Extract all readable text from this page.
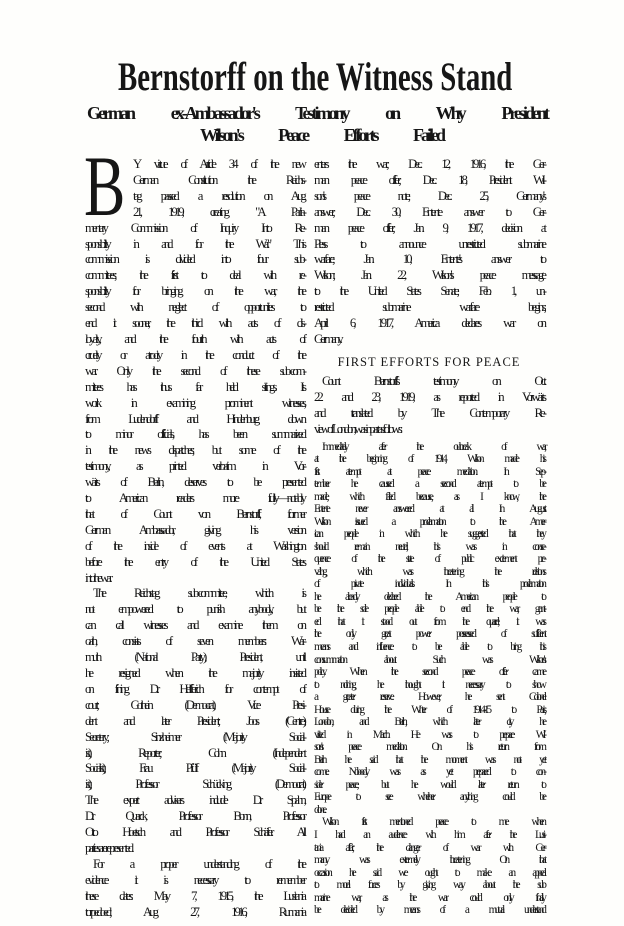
Bernstorff on the Witness Stand
German ex-Ambassador's Testimony on Why President
Wilson's Peace Efforts Failed
B Y virtue of Article 34 of the new
German Constitution the Reichs-
tag passed a resolution on Aug.
21, 1919, creating "A Parlia-
mentary Commission of Inquiry Into Re-
sponsibility in and for the War." This
commission is divided into four sub-
committees; the first to deal with re-
sponsibility for bringing on the war, the
second with neglect of opportunities to
end it sooner, the third with acts of dis-
loyalty, and the fourth with acts of
cruelty or atrocity in the conduct of the
war. Only the second of these sub-com-
mittees has thus far held sittings. Its
work in examining prominent witnesses,
from Ludendorff and Hindenburg down
to minor officials, has been summarized
in the news dispatches; but some of the
testimony, as printed verbatim in Vor-
wärts of Berlin, deserves to be presented
to American readers more fully—notably
that of Count von Bernstorff, former
German Ambassador, giving his version
of the inside of events at Washington
before the entry of the United States
into the war.
The Reichstag sub-committee, which is
not empowered to punish anybody, but
can call witnesses and examine them on
oath, consists of seven members: War-
muth (National Party), President, until
he resigned when the majority insisted
on fining Dr. Helfferich for contempt of
court; Gothein (Democrat), Vice Presi-
dent and later President; Joos (Centre),
Secretary; Sinzheimer (Majority Social-
ist), Reporter; Cohn (Independent
Socialist); Frau Pfülf (Majority Social-
ist); Professor Schücking (Democrat).
The expert advisers include Dr. Spahn,
Dr. Quarck, Professor Bonn, Professor
Otto Hoetsch and Professor Schäfer. All
parties are represented.
For a proper understanding of the
evidence it is necessary to remember
these dates: May 7, 1915, the Lusitania
torpedoed; Aug. 27, 1916, Rumania
enters the war; Dec. 12, 1916, the Ger-
man peace offer; Dec. 18, President Wil-
son's peace note; Dec. 25, Germany's
answer; Dec. 30, Entente answer to Ger-
man peace offer; Jan. 9, 1917, decision at
Pless to announce unrestricted submarine
warfare; Jan. 10, Entente's answer to
Wilson; Jan. 22, Wilson's peace message
to the United States Senate; Feb. 1, un-
restricted submarine warfare begins;
April 6, 1917, America declares war on
Germany.
FIRST EFFORTS FOR PEACE
Count Bernstorff's testimony on Oct.
22 and 23, 1919, as reported in Vorwärts
and translated by The Contemporary Re-
view of London, was in part as follows:
Immediately after the outbreak of war,
at the beginning of 1914, Wilson made his
first attempt at peace mediation. In Sep-
tember he caused a second attempt to be
made, which failed because, as I know, the
Entente never answered at all. In August
Wilson issued a proclamation to the Amer-
ican people in which he suggested that they
should remain neutral; this was in conse-
quence of the state of public excitement pre-
vailing, which was threatening the relations
of private individuals. In this proclamation
he already declared the American people to
be the sole people able to end the war, grant-
ed that it stood out from the quarrel; it was
the only great power possessed of sufficient
means and influence to be able to bring this
consummation about. Such was Wilson's
policy. When the second peace offer came
to nothing, he thought it necessary to show
a greater reserve. However, he sent Colonel
House during the Winter of 1914-15 to Paris,
London, and Berlin, which latter city he
visited in March. He was to prepare Wil-
son's peace mediation. On his return from
Berlin he said that the moment was not yet
come. Nobody was as yet prepared to con-
sider peace; but he would later return to
Europe to see whether anything could be
done.
Wilson first mentioned peace to me when
I had an audience with him after the Lusi-
tania affair; the danger of war with Ger-
many was extremely threatening. On that
occasion he said we ought to make an appeal
to moral forces by giving way about the sub
marine war, as the war could only finally
be decided by means of a mutual understand
